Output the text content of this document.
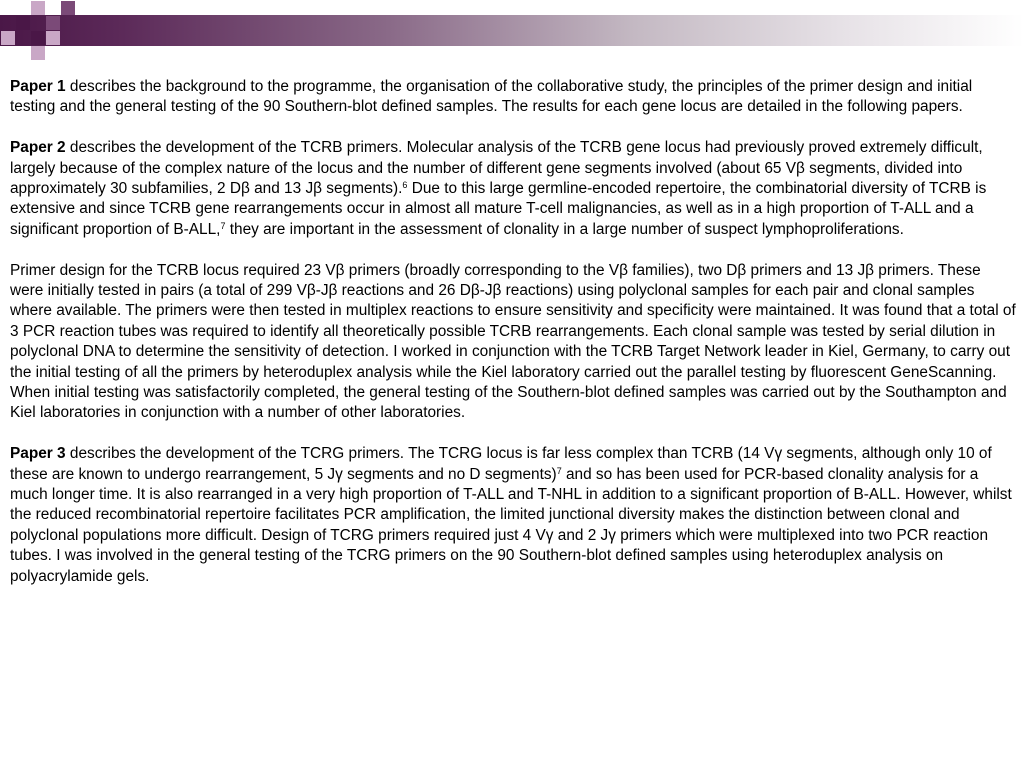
Paper 1 describes the background to the programme, the organisation of the collaborative study, the principles of the primer design and initial testing and the general testing of the 90 Southern-blot defined samples. The results for each gene locus are detailed in the following papers.

Paper 2 describes the development of the TCRB primers. Molecular analysis of the TCRB gene locus had previously proved extremely difficult, largely because of the complex nature of the locus and the number of different gene segments involved (about 65 Vβ segments, divided into approximately 30 subfamilies, 2 Dβ and 13 Jβ segments).$^6$ Due to this large germline-encoded repertoire, the combinatorial diversity of TCRB is extensive and since TCRB gene rearrangements occur in almost all mature T-cell malignancies, as well as in a high proportion of T-ALL and a significant proportion of B-ALL,$^7$ they are important in the assessment of clonality in a large number of suspect lymphoproliferations.

Primer design for the TCRB locus required 23 Vβ primers (broadly corresponding to the Vβ families), two Dβ primers and 13 Jβ primers. These were initially tested in pairs (a total of 299 Vβ-Jβ reactions and 26 Dβ-Jβ reactions) using polyclonal samples for each pair and clonal samples where available. The primers were then tested in multiplex reactions to ensure sensitivity and specificity were maintained. It was found that a total of 3 PCR reaction tubes was required to identify all theoretically possible TCRB rearrangements. Each clonal sample was tested by serial dilution in polyclonal DNA to determine the sensitivity of detection. I worked in conjunction with the TCRB Target Network leader in Kiel, Germany, to carry out the initial testing of all the primers by heteroduplex analysis while the Kiel laboratory carried out the parallel testing by fluorescent GeneScanning. When initial testing was satisfactorily completed, the general testing of the Southern-blot defined samples was carried out by the Southampton and Kiel laboratories in conjunction with a number of other laboratories.

Paper 3 describes the development of the TCRG primers. The TCRG locus is far less complex than TCRB (14 Vγ segments, although only 10 of these are known to undergo rearrangement, 5 Jγ segments and no D segments)$^7$ and so has been used for PCR-based clonality analysis for a much longer time. It is also rearranged in a very high proportion of T-ALL and T-NHL in addition to a significant proportion of B-ALL. However, whilst the reduced recombinatorial repertoire facilitates PCR amplification, the limited junctional diversity makes the distinction between clonal and polyclonal populations more difficult. Design of TCRG primers required just 4 Vγ and 2 Jγ primers which were multiplexed into two PCR reaction tubes. I was involved in the general testing of the TCRG primers on the 90 Southern-blot defined samples using heteroduplex analysis on polyacrylamide gels.
